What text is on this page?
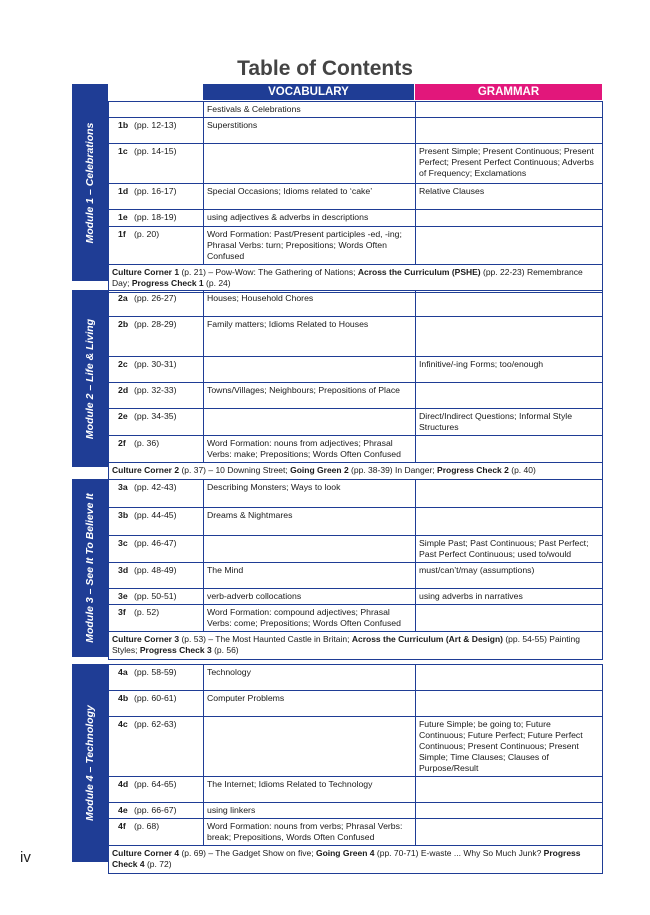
Table of Contents
VOCABULARY	GRAMMAR
Module 1 – Celebrations
	Festivals & Celebrations	
1b (pp. 12-13)	Superstitions	
1c (pp. 14-15)		Present Simple; Present Continuous; Present Perfect; Present Perfect Continuous; Adverbs of Frequency; Exclamations
1d (pp. 16-17)	Special Occasions; Idioms related to ‘cake’	Relative Clauses
1e (pp. 18-19)	using adjectives & adverbs in descriptions	
1f (p. 20)	Word Formation: Past/Present participles -ed, -ing; Phrasal Verbs: turn; Prepositions; Words Often Confused	
Culture Corner 1 (p. 21) – Pow-Wow: The Gathering of Nations; Across the Curriculum (PSHE) (pp. 22-23) Remembrance Day; Progress Check 1 (p. 24)		
Module 2 – Life & Living
2a (pp. 26-27)	Houses; Household Chores	
2b (pp. 28-29)	Family matters; Idioms Related to Houses	
2c (pp. 30-31)		Infinitive/-ing Forms; too/enough
2d (pp. 32-33)	Towns/Villages; Neighbours; Prepositions of Place	
2e (pp. 34-35)		Direct/Indirect Questions; Informal Style Structures
2f (p. 36)	Word Formation: nouns from adjectives; Phrasal Verbs: make; Prepositions; Words Often Confused	
Culture Corner 2 (p. 37) – 10 Downing Street; Going Green 2 (pp. 38-39) In Danger; Progress Check 2 (p. 40)		
Module 3 – See It To Believe It
3a (pp. 42-43)	Describing Monsters; Ways to look	
3b (pp. 44-45)	Dreams & Nightmares	
3c (pp. 46-47)		Simple Past; Past Continuous; Past Perfect; Past Perfect Continuous; used to/would
3d (pp. 48-49)	The Mind	must/can’t/may (assumptions)
3e (pp. 50-51)	verb-adverb collocations	using adverbs in narratives
3f (p. 52)	Word Formation: compound adjectives; Phrasal Verbs: come; Prepositions; Words Often Confused	
Culture Corner 3 (p. 53) – The Most Haunted Castle in Britain; Across the Curriculum (Art & Design) (pp. 54-55) Painting Styles; Progress Check 3 (p. 56)		
Module 4 – Technology
4a (pp. 58-59)	Technology	
4b (pp. 60-61)	Computer Problems	
4c (pp. 62-63)		Future Simple; be going to; Future Continuous; Future Perfect; Future Perfect Continuous; Present Continuous; Present Simple; Time Clauses; Clauses of Purpose/Result
4d (pp. 64-65)	The Internet; Idioms Related to Technology	
4e (pp. 66-67)	using linkers	
4f (p. 68)	Word Formation: nouns from verbs; Phrasal Verbs: break; Prepositions, Words Often Confused	
Culture Corner 4 (p. 69) – The Gadget Show on five; Going Green 4 (pp. 70-71) E-waste ... Why So Much Junk? Progress Check 4 (p. 72)		
iv
